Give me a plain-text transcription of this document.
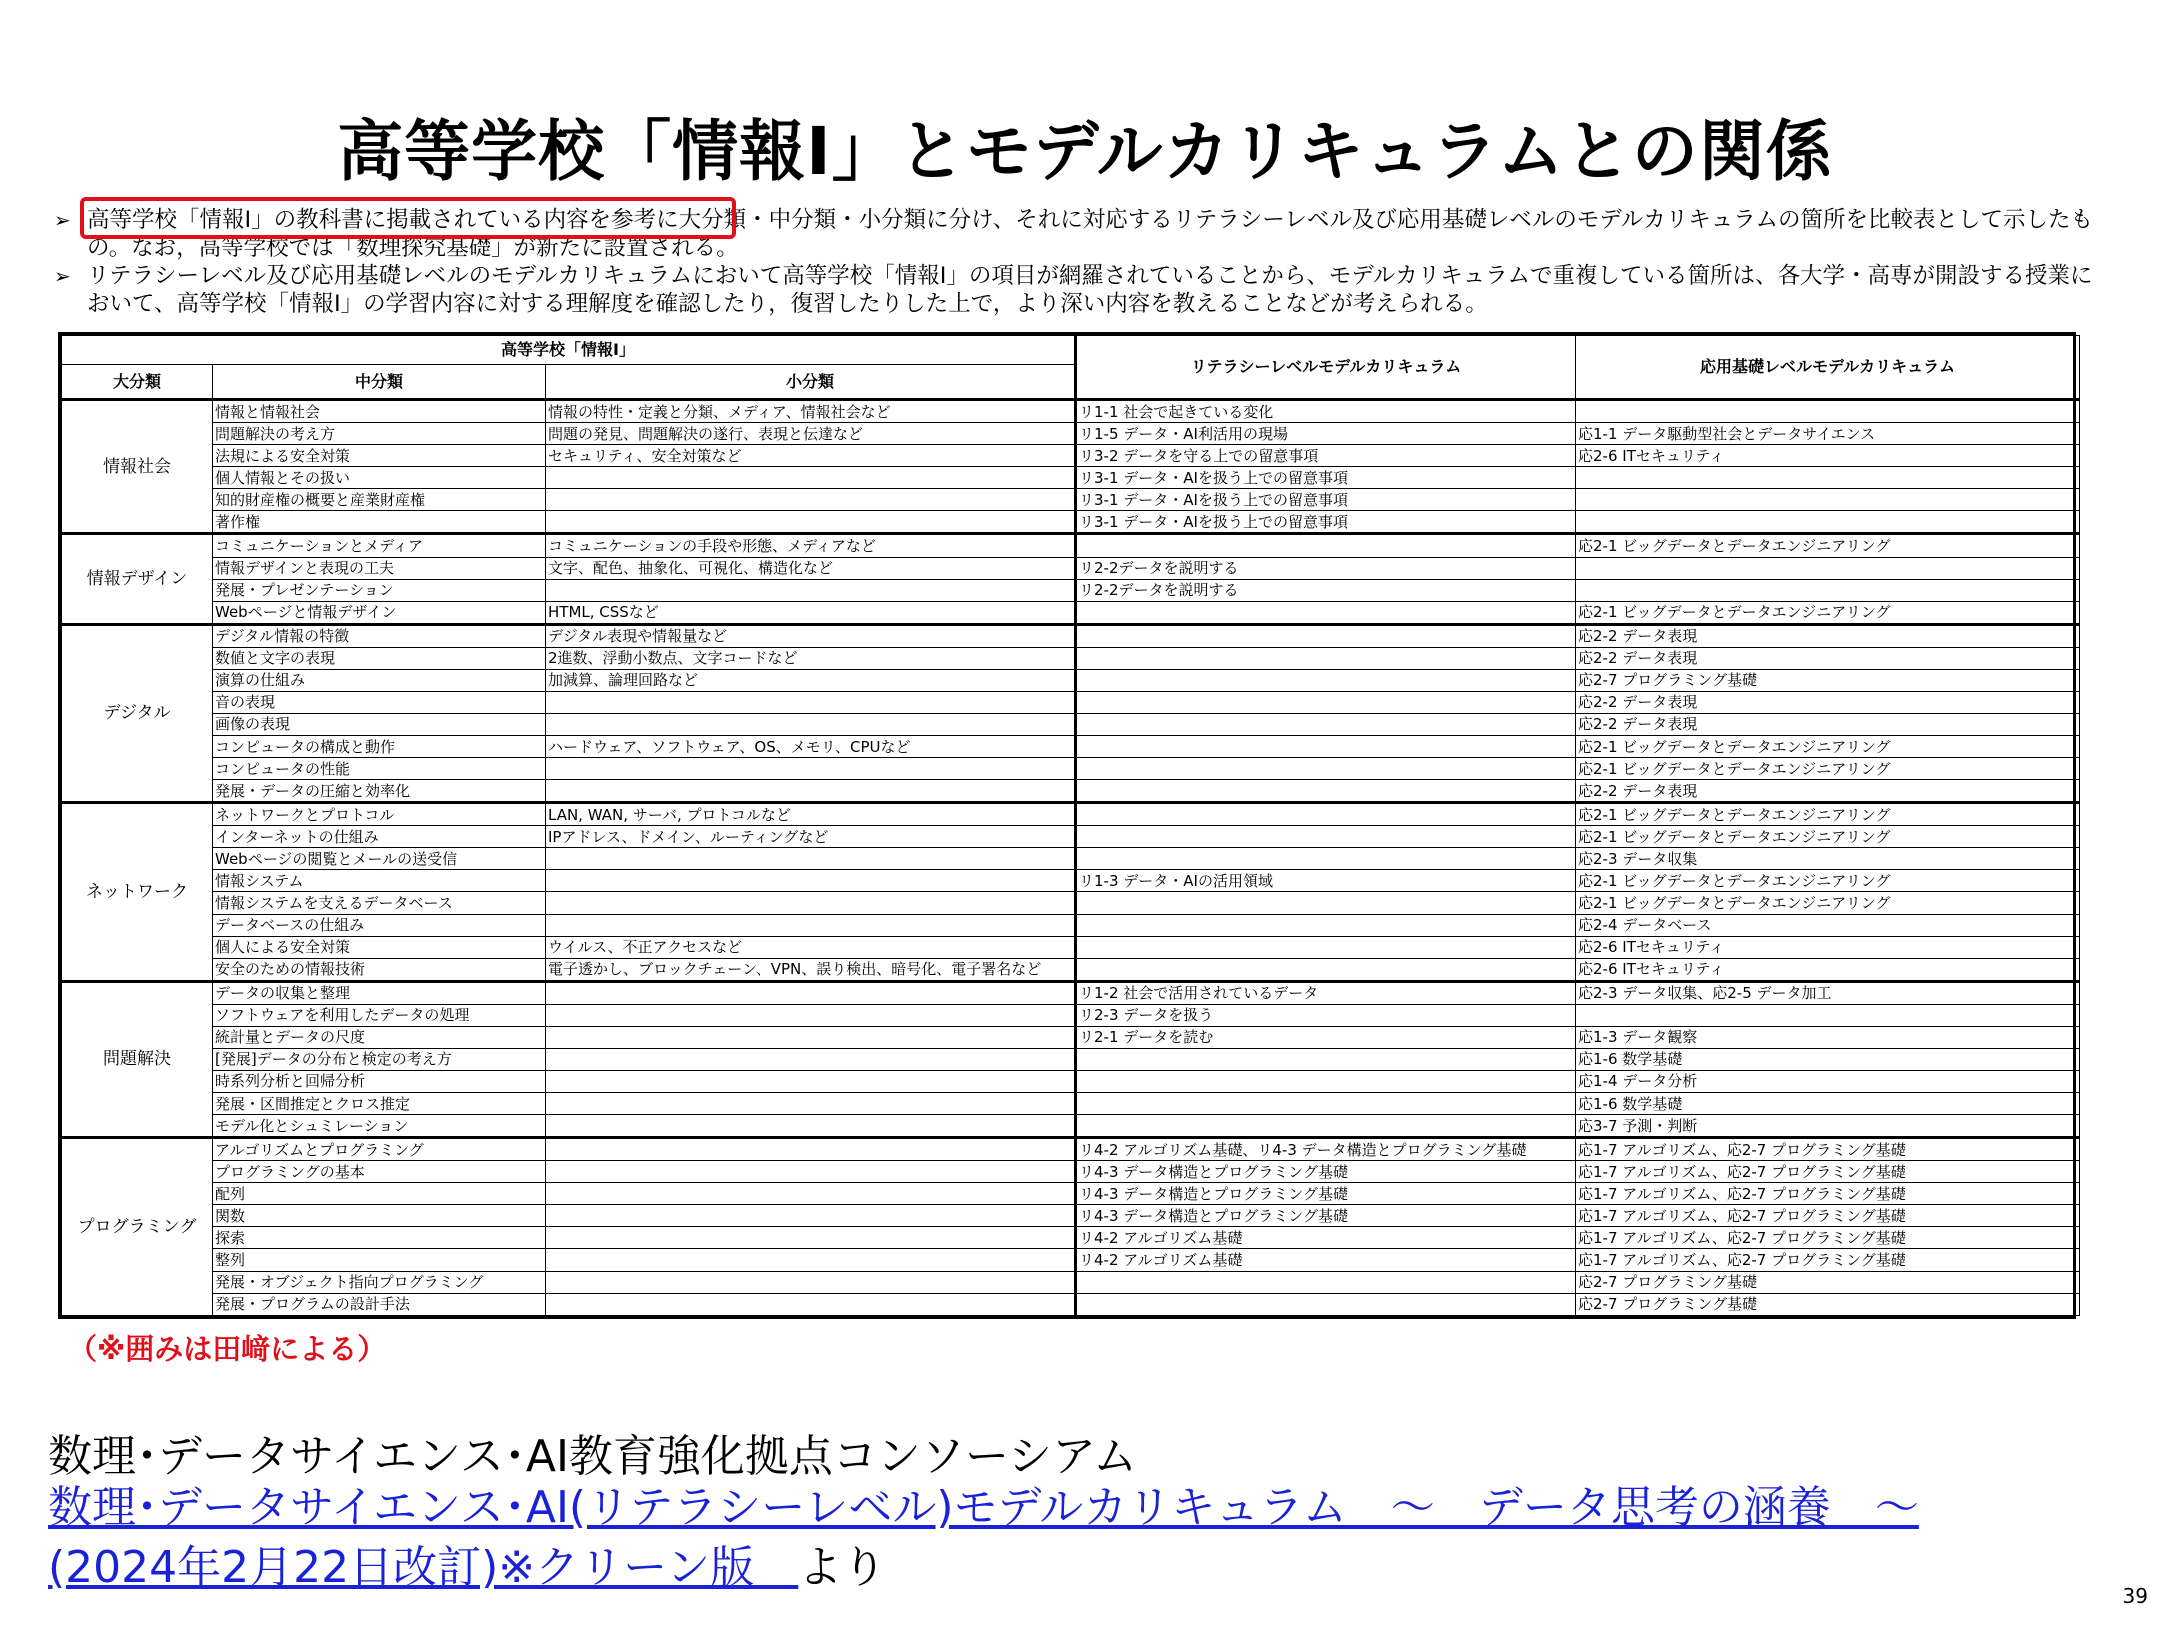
高等学校「情報Ⅰ」とモデルカリキュラムとの関係
➢ 高等学校「情報Ⅰ」の教科書に掲載されている内容を参考に大分類・中分類・小分類に分け、それに対応するリテラシーレベル及び応用基礎レベルのモデルカリキュラムの箇所を比較表として示したもの。なお，高等学校では「数理探究基礎」が新たに設置される。
➢ リテラシーレベル及び応用基礎レベルのモデルカリキュラムにおいて高等学校「情報Ⅰ」の項目が網羅されていることから、モデルカリキュラムで重複している箇所は、各大学・高専が開設する授業において、高等学校「情報Ⅰ」の学習内容に対する理解度を確認したり，復習したりした上で，より深い内容を教えることなどが考えられる。
高等学校「情報Ⅰ」			リテラシーレベルモデルカリキュラム	応用基礎レベルモデルカリキュラム
大分類	中分類	小分類		
情報社会	情報と情報社会	情報の特性・定義と分類、メディア、情報社会など	リ1-1 社会で起きている変化	
	問題解決の考え方	問題の発見、問題解決の遂行、表現と伝達など	リ1-5 データ・AI利活用の現場	応1-1 データ駆動型社会とデータサイエンス
	法規による安全対策	セキュリティ、安全対策など	リ3-2 データを守る上での留意事項	応2-6 ITセキュリティ
	個人情報とその扱い		リ3-1 データ・AIを扱う上での留意事項	
	知的財産権の概要と産業財産権		リ3-1 データ・AIを扱う上での留意事項	
	著作権		リ3-1 データ・AIを扱う上での留意事項	
情報デザイン	コミュニケーションとメディア	コミュニケーションの手段や形態、メディアなど		応2-1 ビッグデータとデータエンジニアリング
	情報デザインと表現の工夫	文字、配色、抽象化、可視化、構造化など	リ2-2データを説明する	
	発展・プレゼンテーション		リ2-2データを説明する	
	Webページと情報デザイン	HTML, CSSなど		応2-1 ビッグデータとデータエンジニアリング
デジタル	デジタル情報の特徴	デジタル表現や情報量など		応2-2 データ表現
	数値と文字の表現	2進数、浮動小数点、文字コードなど		応2-2 データ表現
	演算の仕組み	加減算、論理回路など		応2-7 プログラミング基礎
	音の表現			応2-2 データ表現
	画像の表現			応2-2 データ表現
	コンピュータの構成と動作	ハードウェア、ソフトウェア、OS、メモリ、CPUなど		応2-1 ビッグデータとデータエンジニアリング
	コンピュータの性能			応2-1 ビッグデータとデータエンジニアリング
	発展・データの圧縮と効率化			応2-2 データ表現
ネットワーク	ネットワークとプロトコル	LAN, WAN, サーバ, プロトコルなど		応2-1 ビッグデータとデータエンジニアリング
	インターネットの仕組み	IPアドレス、ドメイン、ルーティングなど		応2-1 ビッグデータとデータエンジニアリング
	Webページの閲覧とメールの送受信			応2-3 データ収集
	情報システム		リ1-3 データ・AIの活用領域	応2-1 ビッグデータとデータエンジニアリング
	情報システムを支えるデータベース			応2-1 ビッグデータとデータエンジニアリング
	データベースの仕組み			応2-4 データベース
	個人による安全対策	ウイルス、不正アクセスなど		応2-6 ITセキュリティ
	安全のための情報技術	電子透かし、ブロックチェーン、VPN、誤り検出、暗号化、電子署名など		応2-6 ITセキュリティ
問題解決	データの収集と整理		リ1-2 社会で活用されているデータ	応2-3 データ収集、応2-5 データ加工
	ソフトウェアを利用したデータの処理		リ2-3 データを扱う	
	統計量とデータの尺度		リ2-1 データを読む	応1-3 データ観察
	[発展]データの分布と検定の考え方			応1-6 数学基礎
	時系列分析と回帰分析			応1-4 データ分析
	発展・区間推定とクロス推定			応1-6 数学基礎
	モデル化とシュミレーション			応3-7 予測・判断
プログラミング	アルゴリズムとプログラミング		リ4-2 アルゴリズム基礎、リ4-3 データ構造とプログラミング基礎	応1-7 アルゴリズム、応2-7 プログラミング基礎
	プログラミングの基本		リ4-3 データ構造とプログラミング基礎	応1-7 アルゴリズム、応2-7 プログラミング基礎
	配列		リ4-3 データ構造とプログラミング基礎	応1-7 アルゴリズム、応2-7 プログラミング基礎
	関数		リ4-3 データ構造とプログラミング基礎	応1-7 アルゴリズム、応2-7 プログラミング基礎
	探索		リ4-2 アルゴリズム基礎	応1-7 アルゴリズム、応2-7 プログラミング基礎
	整列		リ4-2 アルゴリズム基礎	応1-7 アルゴリズム、応2-7 プログラミング基礎
	発展・オブジェクト指向プログラミング			応2-7 プログラミング基礎
	発展・プログラムの設計手法			応2-7 プログラミング基礎
（※囲みは田﨑による）
数理･データサイエンス･AI教育強化拠点コンソーシアム
数理･データサイエンス･AI(リテラシーレベル)モデルカリキュラム　～　データ思考の涵養　～(2024年2月22日改訂)※クリーン版　より
39
